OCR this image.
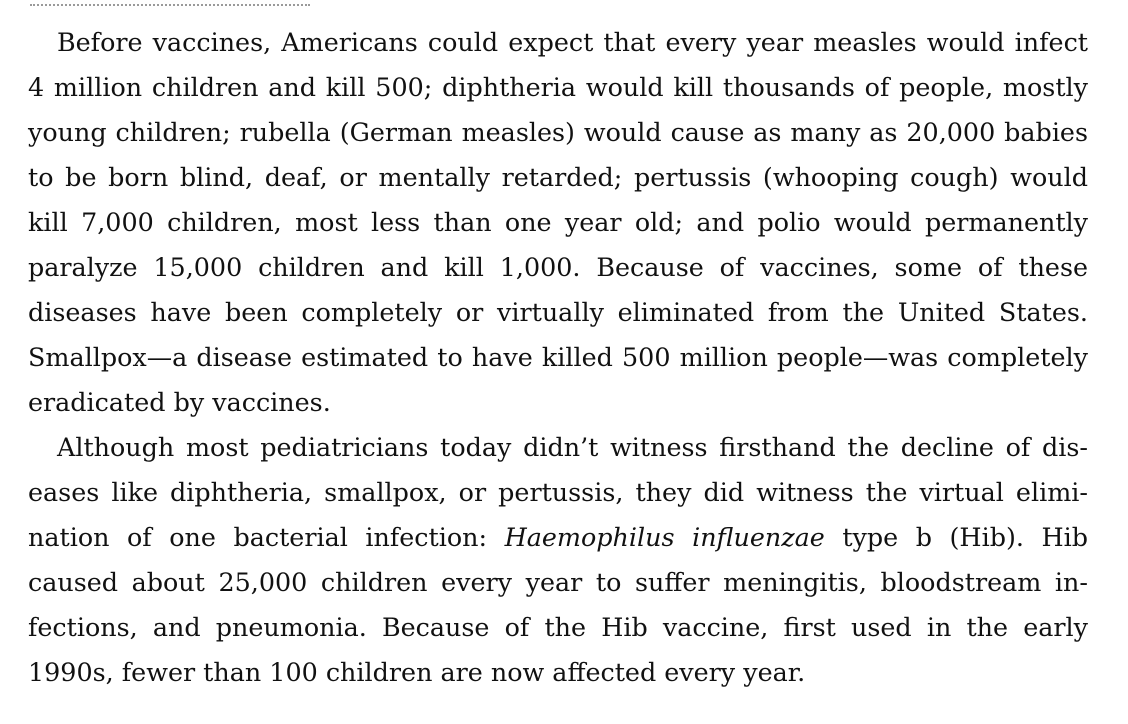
Before vaccines, Americans could expect that every year measles would infect 4 million children and kill 500; diphtheria would kill thousands of people, mostly young children; rubella (German measles) would cause as many as 20,000 babies to be born blind, deaf, or mentally retarded; pertussis (whooping cough) would kill 7,000 children, most less than one year old; and polio would permanently paralyze 15,000 children and kill 1,000. Because of vaccines, some of these diseases have been completely or virtually eliminated from the United States. Smallpox—a disease estimated to have killed 500 million people—was completely eradicated by vaccines.

Although most pediatricians today didn’t witness firsthand the decline of diseases like diphtheria, smallpox, or pertussis, they did witness the virtual elimination of one bacterial infection: Haemophilus influenzae type b (Hib). Hib caused about 25,000 children every year to suffer meningitis, bloodstream infections, and pneumonia. Because of the Hib vaccine, first used in the early 1990s, fewer than 100 children are now affected every year.
